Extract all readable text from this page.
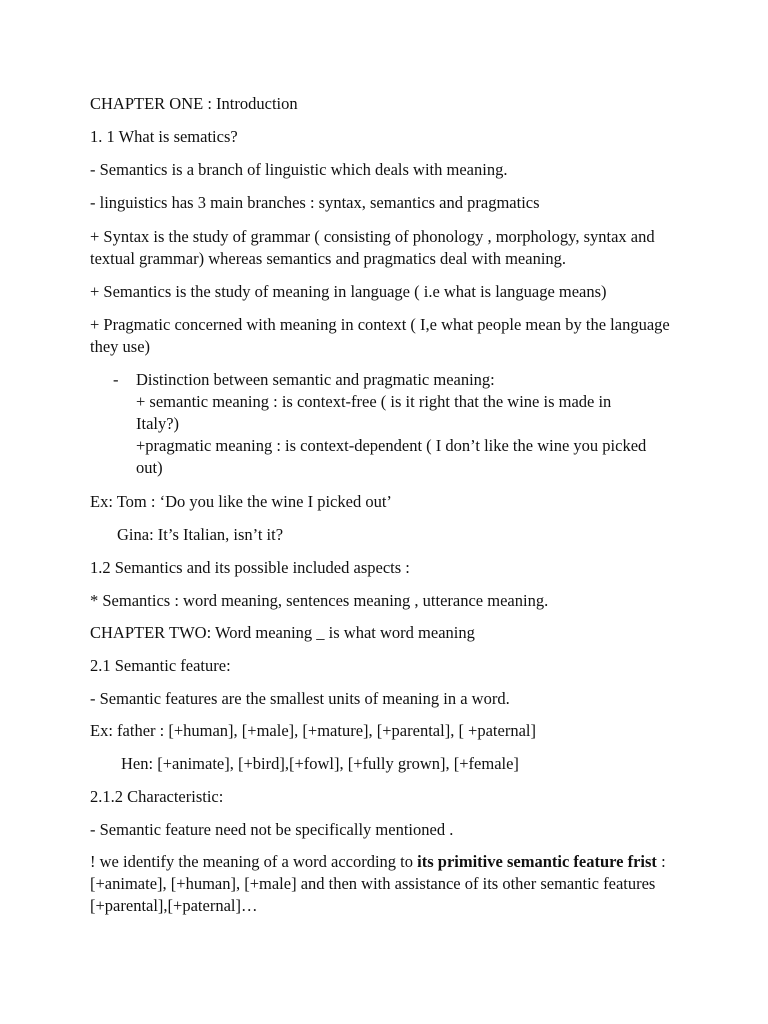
CHAPTER ONE : Introduction

1. 1 What is sematics?

- Semantics is a branch of linguistic which deals with meaning.

- linguistics has 3 main branches : syntax, semantics and pragmatics

+ Syntax is the study of grammar ( consisting of phonology , morphology, syntax and textual grammar) whereas semantics and pragmatics deal with meaning.

+ Semantics is the study of meaning in language ( i.e what is language means)

+ Pragmatic concerned with meaning in context ( I,e what people mean by the language they use)

- Distinction between semantic and pragmatic meaning:
+ semantic meaning : is context-free ( is it right that the wine is made in Italy?)
+pragmatic meaning : is context-dependent ( I don’t like the wine you picked out)

Ex: Tom : ‘Do you like the wine I picked out’

Gina: It’s Italian, isn’t it?

1.2 Semantics and its possible included aspects :

* Semantics : word meaning, sentences meaning , utterance meaning.

CHAPTER TWO: Word meaning _ is what word meaning

2.1 Semantic feature:

- Semantic features are the smallest units of meaning in a word.

Ex: father : [+human], [+male], [+mature], [+parental], [ +paternal]

Hen: [+animate], [+bird],[+fowl], [+fully grown], [+female]

2.1.2 Characteristic:

- Semantic feature need not be specifically mentioned .

! we identify the meaning of a word according to its primitive semantic feature frist : [+animate], [+human], [+male] and then with assistance of its other semantic features [+parental],[+paternal]…
